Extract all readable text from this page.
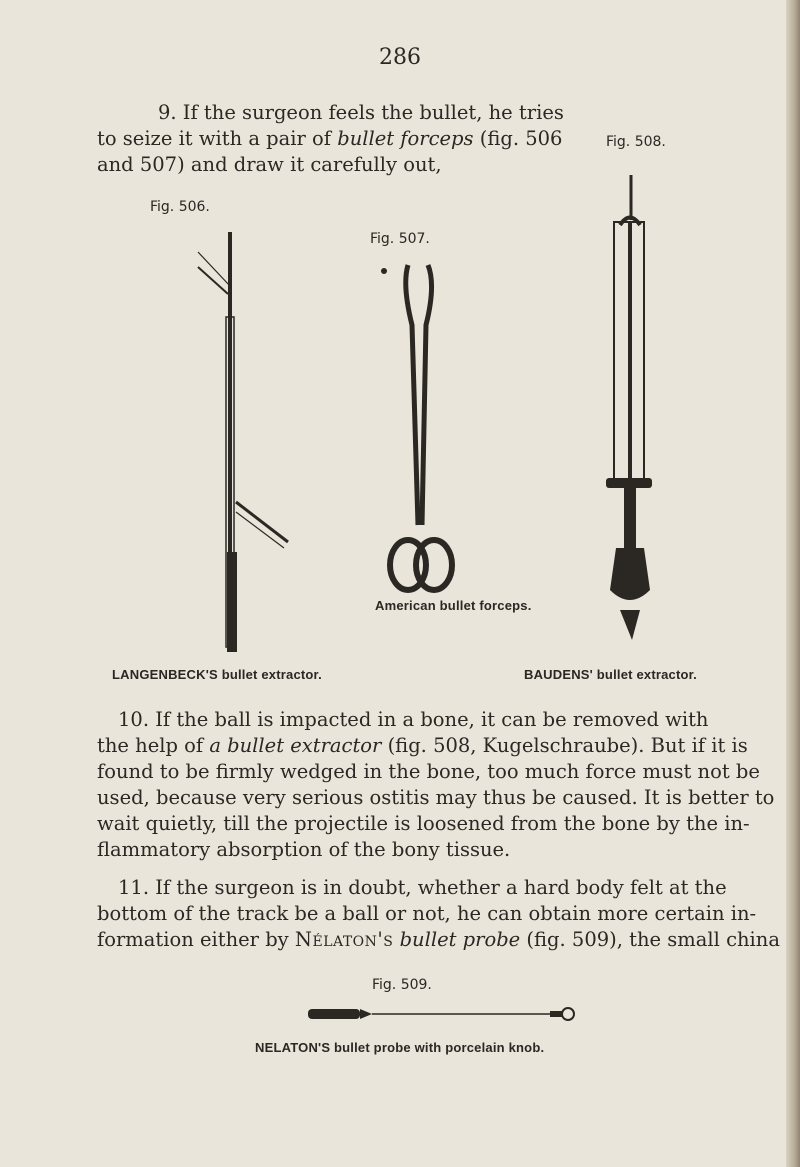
286

9. If the surgeon feels the bullet, he tries

to seize it with a pair of bullet forceps (fig. 506

and 507) and draw it carefully out,

Fig. 506.
Fig. 507.
Fig. 508.
American bullet forceps.
LANGENBECK'S bullet extractor.	BAUDENS' bullet extractor.

10. If the ball is impacted in a bone, it can be removed with

the help of a bullet extractor (fig. 508, Kugelschraube). But if it is

found to be firmly wedged in the bone, too much force must not be

used, because very serious ostitis may thus be caused. It is better to

wait quietly, till the projectile is loosened from the bone by the in-

flammatory absorption of the bony tissue.

11. If the surgeon is in doubt, whether a hard body felt at the

bottom of the track be a ball or not, he can obtain more certain in-

formation either by Nélaton's bullet probe (fig. 509), the small china

Fig. 509.
NELATON'S bullet probe with porcelain knob.
